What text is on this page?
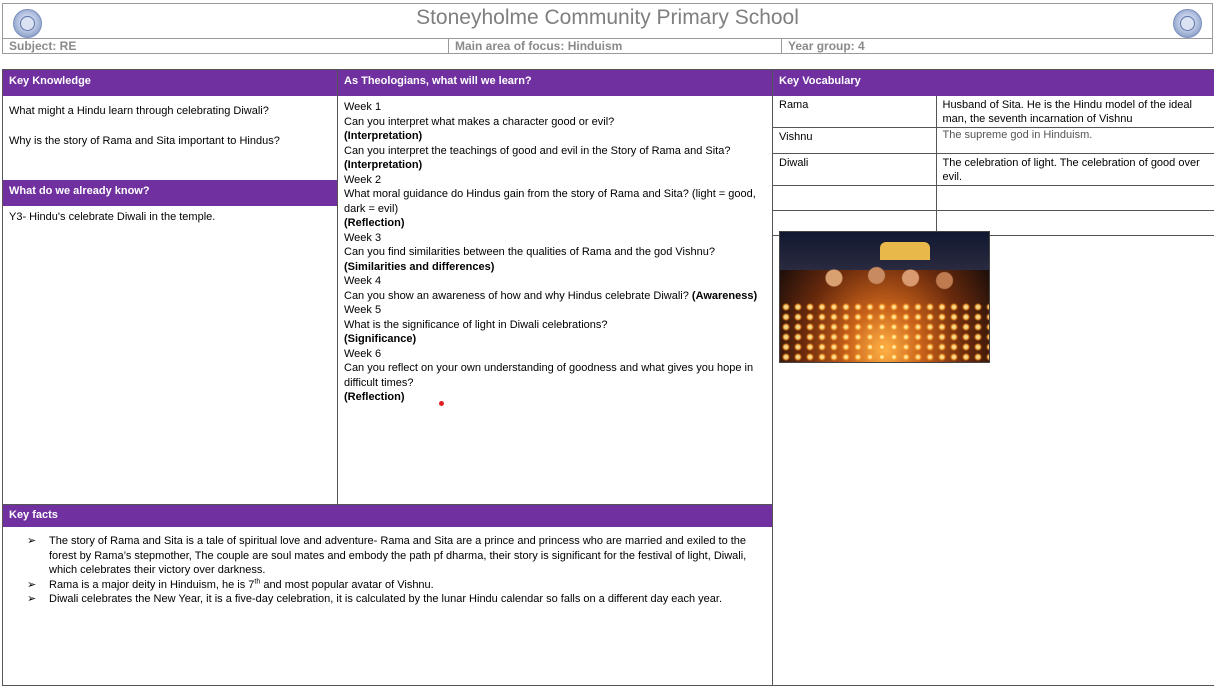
Stoneyholme Community Primary School
Subject: RE	Main area of focus: Hinduism	Year group: 4
Key Knowledge
What might a Hindu learn through celebrating Diwali?
Why is the story of Rama and Sita important to Hindus?
What do we already know?
Y3- Hindu's celebrate Diwali in the temple.
As Theologians, what will we learn?
Week 1
Can you interpret what makes a character good or evil?
(Interpretation)
Can you interpret the teachings of good and evil in the Story of Rama and Sita?
(Interpretation)
Week 2
What moral guidance do Hindus gain from the story of Rama and Sita? (light = good, dark = evil)
(Reflection)
Week 3
Can you find similarities between the qualities of Rama and the god Vishnu?
(Similarities and differences)
Week 4
Can you show an awareness of how and why Hindus celebrate Diwali? (Awareness)
Week 5
What is the significance of light in Diwali celebrations?
(Significance)
Week 6
Can you reflect on your own understanding of goodness and what gives you hope in difficult times?
(Reflection)
Key Vocabulary
Rama	Husband of Sita. He is the Hindu model of the ideal man, the seventh incarnation of Vishnu
Vishnu	The supreme god in Hinduism.
Diwali	The celebration of light. The celebration of good over evil.

Key facts
➢ The story of Rama and Sita is a tale of spiritual love and adventure- Rama and Sita are a prince and princess who are married and exiled to the forest by Rama’s stepmother, The couple are soul mates and embody the path pf dharma, their story is significant for the festival of light, Diwali, which celebrates their victory over darkness.
➢ Rama is a major deity in Hinduism, he is 7th and most popular avatar of Vishnu.
➢ Diwali celebrates the New Year, it is a five-day celebration, it is calculated by the lunar Hindu calendar so falls on a different day each year.
